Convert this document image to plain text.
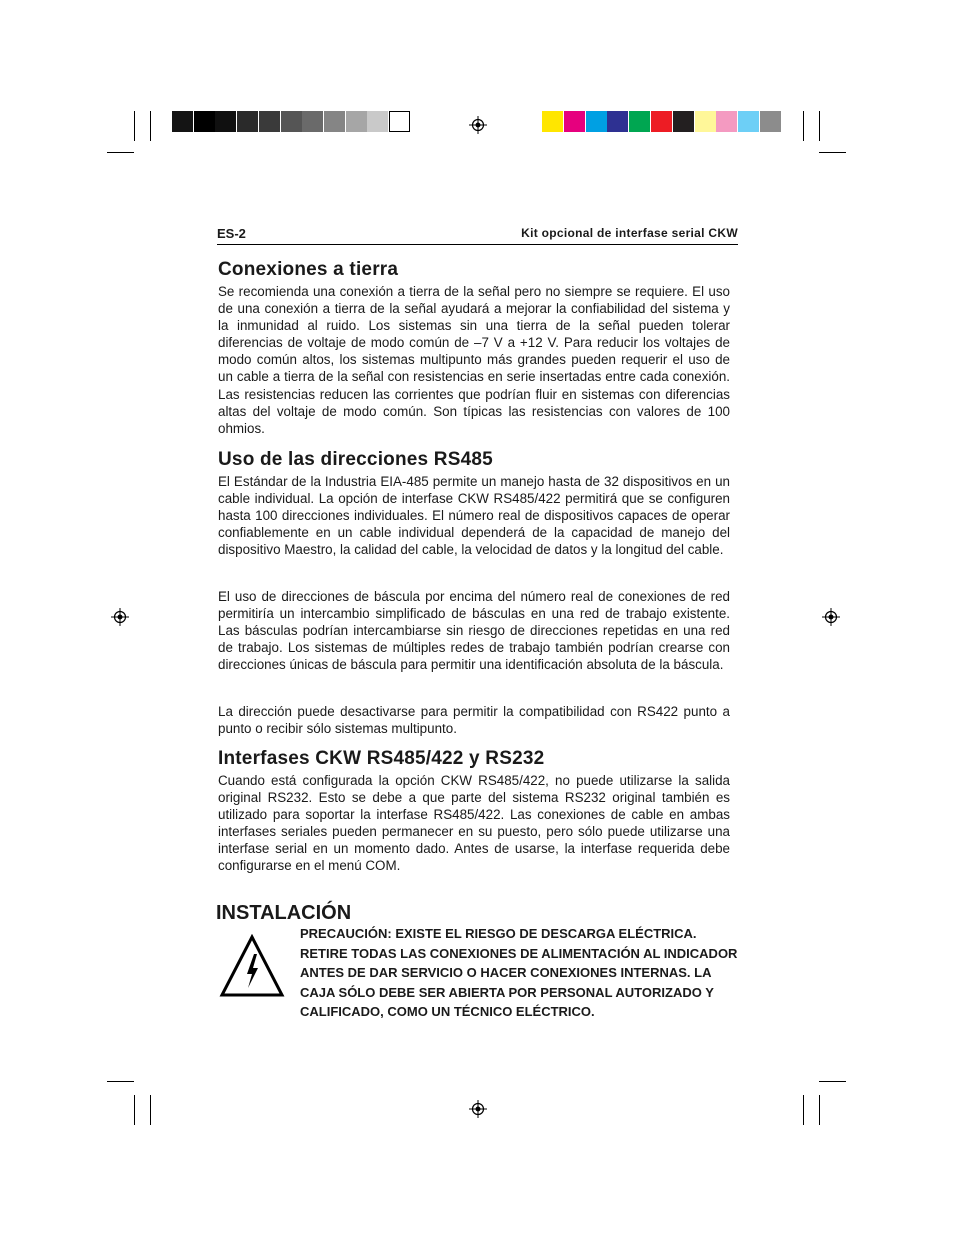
ES-2	Kit opcional de interfase serial CKW
Conexiones a tierra

Se recomienda una conexión a tierra de la señal pero no siempre se requiere. El uso de una conexión a tierra de la señal ayudará a mejorar la confiabilidad del sistema y la inmunidad al ruido. Los sistemas sin una tierra de la señal pueden tolerar diferencias de voltaje de modo común de –7 V a +12 V. Para reducir los voltajes de modo común altos, los sistemas multipunto más grandes pueden requerir el uso de un cable a tierra de la señal con resistencias en serie insertadas entre cada conexión. Las resistencias reducen las corrientes que podrían fluir en sistemas con diferencias altas del voltaje de modo común. Son típicas las resistencias con valores de 100 ohmios.

Uso de las direcciones RS485

El Estándar de la Industria EIA-485 permite un manejo hasta de 32 dispositivos en un cable individual. La opción de interfase CKW RS485/422 permitirá que se configuren hasta 100 direcciones individuales. El número real de dispositivos capaces de operar confiablemente en un cable individual dependerá de la capacidad de manejo del dispositivo Maestro, la calidad del cable, la velocidad de datos y la longitud del cable.

El uso de direcciones de báscula por encima del número real de conexiones de red permitiría un intercambio simplificado de básculas en una red de trabajo existente. Las básculas podrían intercambiarse sin riesgo de direcciones repetidas en una red de trabajo. Los sistemas de múltiples redes de trabajo también podrían crearse con direcciones únicas de báscula para permitir una identificación absoluta de la báscula.

La dirección puede desactivarse para permitir la compatibilidad con RS422 punto a punto o recibir sólo sistemas multipunto.

Interfases CKW RS485/422 y RS232

Cuando está configurada la opción CKW RS485/422, no puede utilizarse la salida original RS232. Esto se debe a que parte del sistema RS232 original también es utilizado para soportar la interfase RS485/422. Las conexiones de cable en ambas interfases seriales pueden permanecer en su puesto, pero sólo puede utilizarse una interfase serial en un momento dado. Antes de usarse, la interfase requerida debe configurarse en el menú COM.

INSTALACIÓN
PRECAUCIÓN: EXISTE EL RIESGO DE DESCARGA ELÉCTRICA.
RETIRE TODAS LAS CONEXIONES DE ALIMENTACIÓN AL INDICADOR
ANTES DE DAR SERVICIO O HACER CONEXIONES INTERNAS. LA
CAJA SÓLO DEBE SER ABIERTA POR PERSONAL AUTORIZADO Y
CALIFICADO, COMO UN TÉCNICO ELÉCTRICO.
